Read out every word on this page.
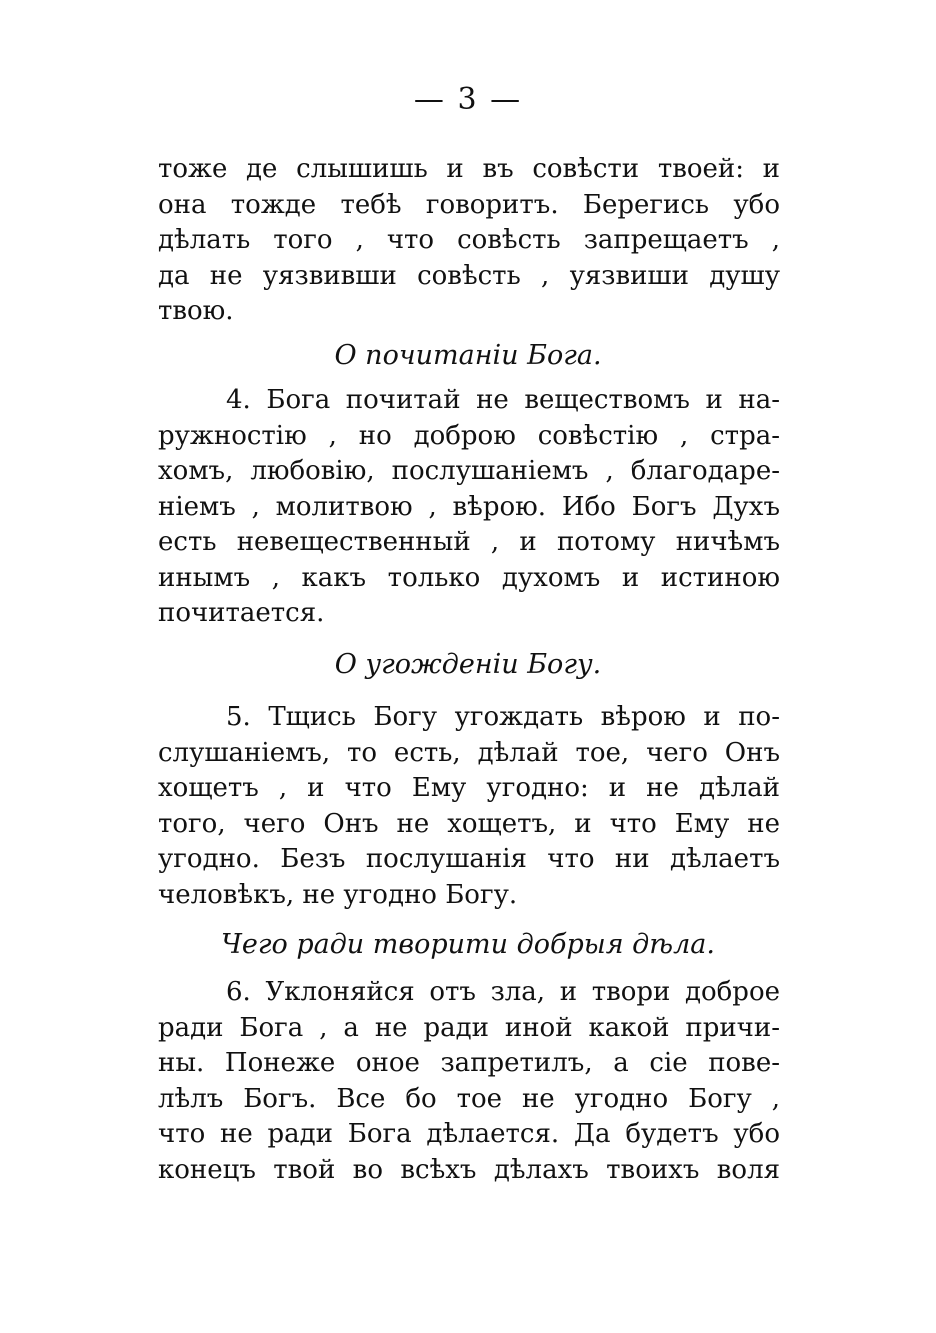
— 3 —
тоже де слышишь и въ совѣсти твоей: и
она тожде тебѣ говоритъ. Берегись убо
дѣлать того , что совѣсть запрещаетъ ,
да не уязвивши совѣсть , уязвиши душу
твою.
О почитаніи Бога.
4. Бога почитай не веществомъ и на-
ружностію , но доброю совѣстію , стра-
хомъ, любовію, послушаніемъ , благодаре-
ніемъ , молитвою , вѣрою. Ибо Богъ Духъ
есть невещественный , и потому ничѣмъ
инымъ , какъ только духомъ и истиною
почитается.
О угожденіи Богу.
5. Тщись Богу угождать вѣрою и по-
слушаніемъ, то есть, дѣлай тое, чего Онъ
хощетъ , и что Ему угодно: и не дѣлай
того, чего Онъ не хощетъ, и что Ему не
угодно. Безъ послушанія что ни дѣлаетъ
человѣкъ, не угодно Богу.
Чего ради творити добрыя дѣла.
6. Уклоняйся отъ зла, и твори доброе
ради Бога , а не ради иной какой причи-
ны. Понеже оное запретилъ, а сіе пове-
лѣлъ Богъ. Все бо тое не угодно Богу ,
что не ради Бога дѣлается. Да будетъ убо
конецъ твой во всѣхъ дѣлахъ твоихъ воля
